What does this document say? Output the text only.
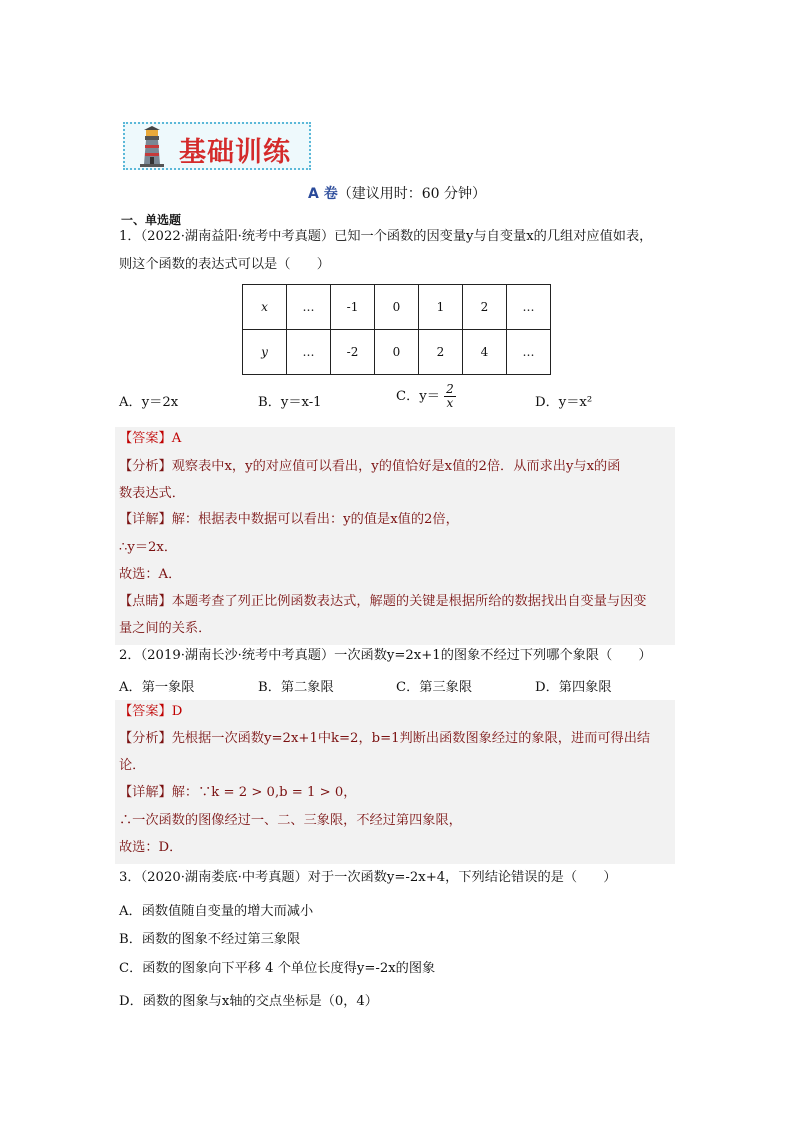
基础训练
A 卷（建议用时：60 分钟）
一、单选题
1．（2022·湖南益阳·统考中考真题）已知一个函数的因变量y与自变量x的几组对应值如表，
则这个函数的表达式可以是（　　）
x	…	-1	0	1	2	…
y	…	-2	0	2	4	…
A．y＝2x	B．y＝x-1	C．$y= \frac{2}{x}$	D．y＝x²
【答案】A
【分析】观察表中x，y的对应值可以看出，y的值恰好是x值的2倍．从而求出y与x的函
数表达式．
【详解】解：根据表中数据可以看出：y的值是x值的2倍，
∴y＝2x．
故选：A．
【点睛】本题考查了列正比例函数表达式，解题的关键是根据所给的数据找出自变量与因变
量之间的关系．
2．（2019·湖南长沙·统考中考真题）一次函数y=2x+1的图象不经过下列哪个象限（　　）
A．第一象限	B．第二象限	C．第三象限	D．第四象限
【答案】D
【分析】先根据一次函数y=2x+1中k=2，b=1判断出函数图象经过的象限，进而可得出结
论．
【详解】解：∵k = 2 > 0,b = 1 > 0，
∴一次函数的图像经过一、二、三象限，不经过第四象限，
故选：D．
3．（2020·湖南娄底·中考真题）对于一次函数y=-2x+4，下列结论错误的是（　　）
A．函数值随自变量的增大而减小
B．函数的图象不经过第三象限
C．函数的图象向下平移 4 个单位长度得y=-2x的图象
D．函数的图象与x轴的交点坐标是（0，4）
